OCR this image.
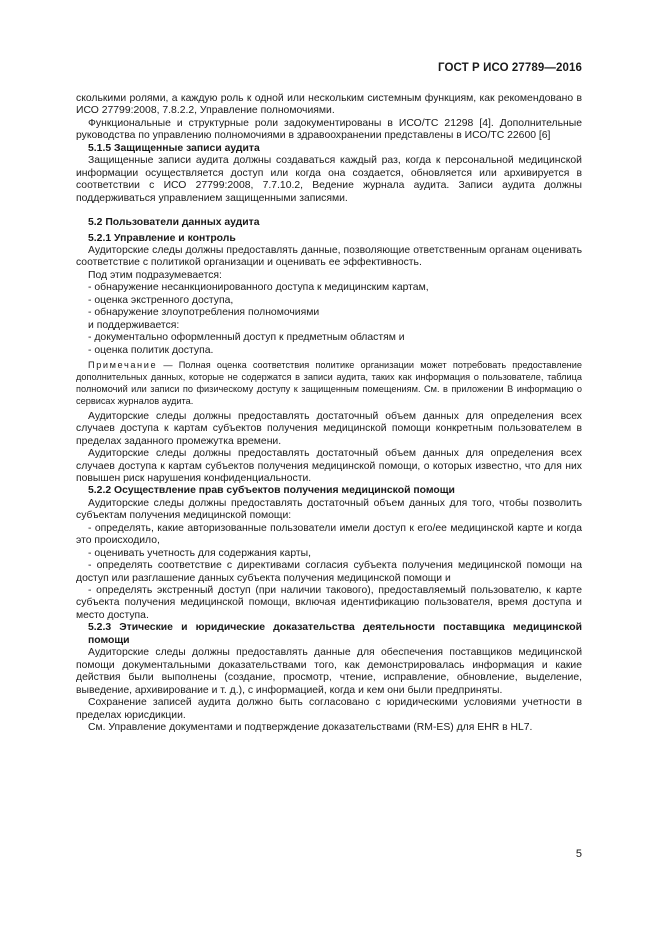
ГОСТ Р ИСО 27789—2016

сколькими ролями, а каждую роль к одной или нескольким системным функциям, как рекомендовано в ИСО 27799:2008, 7.8.2.2, Управление полномочиями.

Функциональные и структурные роли задокументированы в ИСО/ТС 21298 [4]. Дополнительные руководства по управлению полномочиями в здравоохранении представлены в ИСО/ТС 22600 [6]

5.1.5 Защищенные записи аудита

Защищенные записи аудита должны создаваться каждый раз, когда к персональной медицинской информации осуществляется доступ или когда она создается, обновляется или архивируется в соответствии с ИСО 27799:2008, 7.7.10.2, Ведение журнала аудита. Записи аудита должны поддерживаться управлением защищенными записями.

5.2 Пользователи данных аудита

5.2.1 Управление и контроль

Аудиторские следы должны предоставлять данные, позволяющие ответственным органам оценивать соответствие с политикой организации и оценивать ее эффективность.

Под этим подразумевается:

- обнаружение несанкционированного доступа к медицинским картам,

- оценка экстренного доступа,

- обнаружение злоупотребления полномочиями

и поддерживается:

- документально оформленный доступ к предметным областям и

- оценка политик доступа.

Примечание — Полная оценка соответствия политике организации может потребовать предоставление дополнительных данных, которые не содержатся в записи аудита, таких как информация о пользователе, таблица полномочий или записи по физическому доступу к защищенным помещениям. См. в приложении В информацию о сервисах журналов аудита.

Аудиторские следы должны предоставлять достаточный объем данных для определения всех случаев доступа к картам субъектов получения медицинской помощи конкретным пользователем в пределах заданного промежутка времени.

Аудиторские следы должны предоставлять достаточный объем данных для определения всех случаев доступа к картам субъектов получения медицинской помощи, о которых известно, что для них повышен риск нарушения конфиденциальности.

5.2.2 Осуществление прав субъектов получения медицинской помощи

Аудиторские следы должны предоставлять достаточный объем данных для того, чтобы позволить субъектам получения медицинской помощи:

- определять, какие авторизованные пользователи имели доступ к его/ее медицинской карте и когда это происходило,

- оценивать учетность для содержания карты,

- определять соответствие с директивами согласия субъекта получения медицинской помощи на доступ или разглашение данных субъекта получения медицинской помощи и

- определять экстренный доступ (при наличии такового), предоставляемый пользователю, к карте субъекта получения медицинской помощи, включая идентификацию пользователя, время доступа и место доступа.

5.2.3 Этические и юридические доказательства деятельности поставщика медицинской помощи

Аудиторские следы должны предоставлять данные для обеспечения поставщиков медицинской помощи документальными доказательствами того, как демонстрировалась информация и какие действия были выполнены (создание, просмотр, чтение, исправление, обновление, выделение, выведение, архивирование и т. д.), с информацией, когда и кем они были предприняты.

Сохранение записей аудита должно быть согласовано с юридическими условиями учетности в пределах юрисдикции.

См. Управление документами и подтверждение доказательствами (RM-ES) для EHR в HL7.

5
